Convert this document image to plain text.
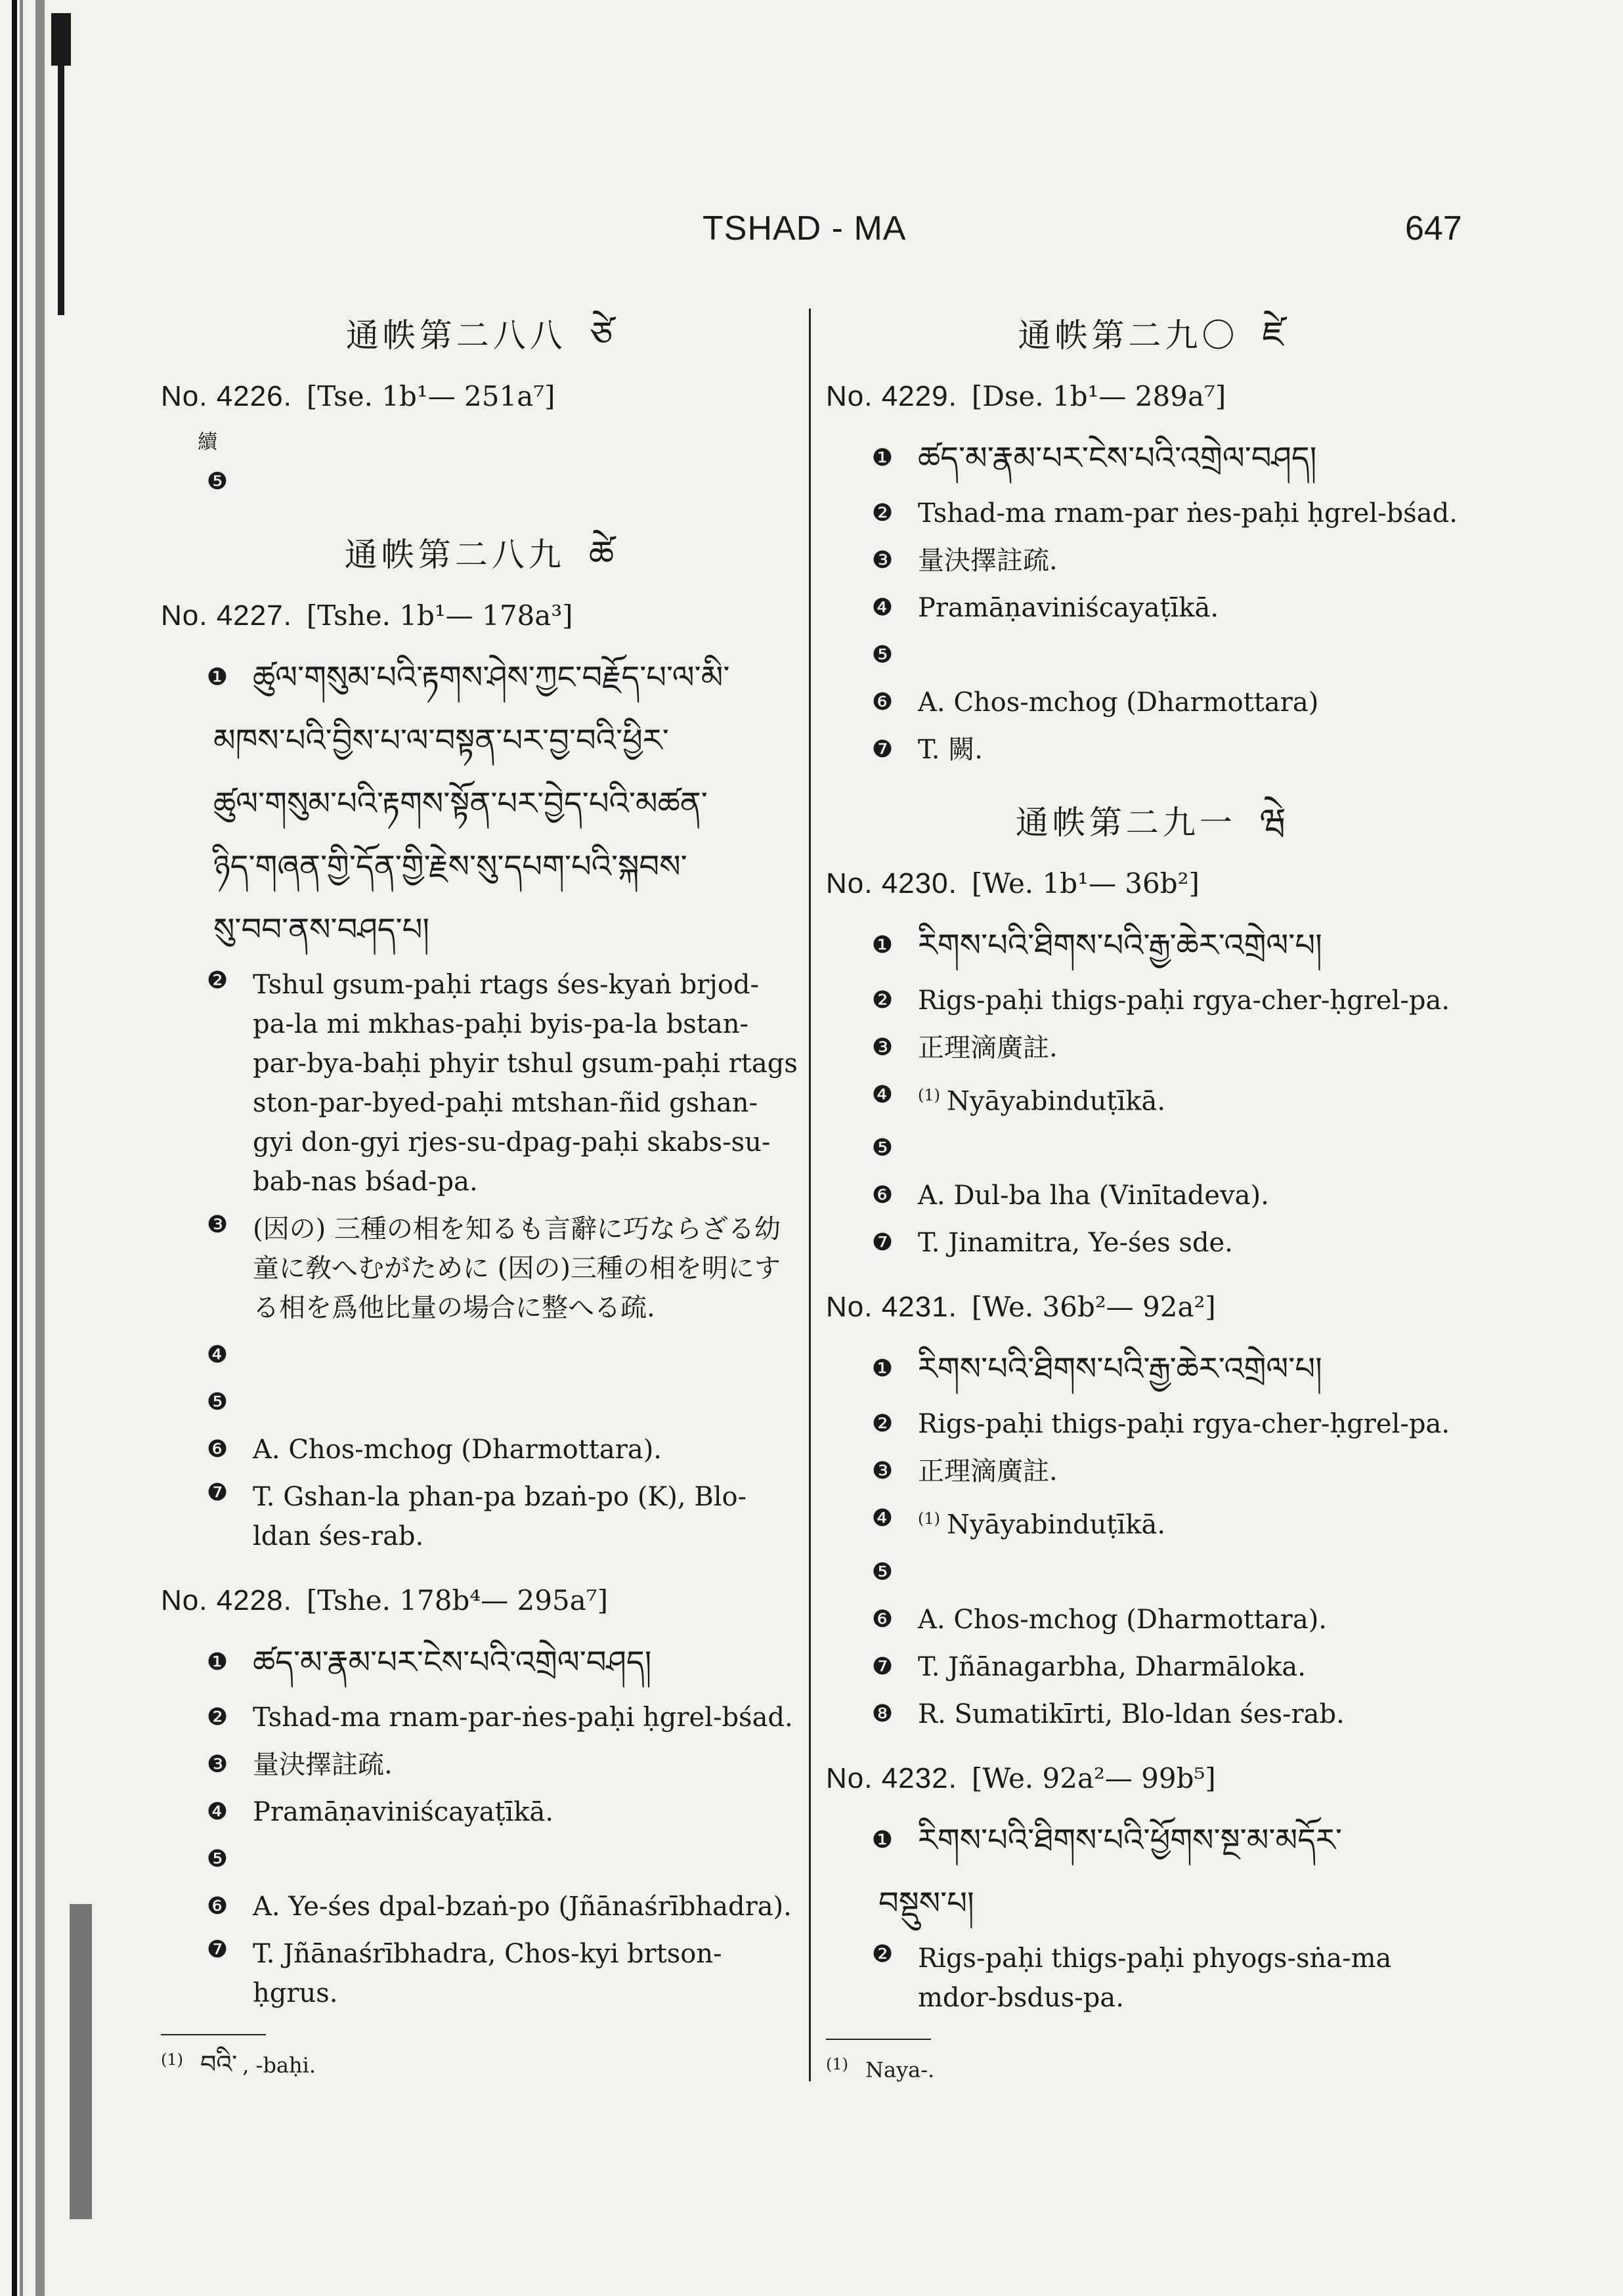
TSHAD - MA	647
通帙第二八八 ཙེ
No. 4226. [Tse. 1b¹— 251a⁷]
續
❺
通帙第二八九 ཚེ
No. 4227. [Tshe. 1b¹— 178a³]
❶ ཚུལ་གསུམ་པའི་རྟགས་ཤེས་ཀྱང་བརྗོད་པ་ལ་མི་
མཁས་པའི་བྱིས་པ་ལ་བསྟན་པར་བྱ་བའི་ཕྱིར་
ཚུལ་གསུམ་པའི་རྟགས་སྟོན་པར་བྱེད་པའི་མཚན་
ཉིད་གཞན་གྱི་དོན་གྱི་རྗེས་སུ་དཔག་པའི་སྐབས་
སུ་བབ་ནས་བཤད་པ།
❷ Tshul gsum-paḥi rtags śes-kyaṅ brjod-pa-la mi mkhas-paḥi byis-pa-la bstan-par-bya-baḥi phyir tshul gsum-paḥi rtags ston-par-byed-paḥi mtshan-ñid gshan-gyi don-gyi rjes-su-dpag-paḥi skabs-su-bab-nas bśad-pa.
❸ (因の) 三種の相を知るも言辭に巧ならざる幼童に敎へむがために (因の)三種の相を明にする相を爲他比量の場合に整へる疏.
❹
❺
❻ A. Chos-mchog (Dharmottara).
❼ T. Gshan-la phan-pa bzaṅ-po (K), Blo-ldan śes-rab.
No. 4228. [Tshe. 178b⁴— 295a⁷]
❶ ཚད་མ་རྣམ་པར་ངེས་པའི་འགྲེལ་བཤད།
❷ Tshad-ma rnam-par-ṅes-paḥi ḥgrel-bśad.
❸ 量決擇註疏.
❹ Pramāṇaviniścayaṭīkā.
❺
❻ A. Ye-śes dpal-bzaṅ-po (Jñānaśrībhadra).
❼ T. Jñānaśrībhadra, Chos-kyi brtson-ḥgrus.
$^{(1)}$ བའི་ , -baḥi.
通帙第二九〇 ཛེ
No. 4229. [Dse. 1b¹— 289a⁷]
❶ ཚད་མ་རྣམ་པར་ངེས་པའི་འགྲེལ་བཤད།
❷ Tshad-ma rnam-par ṅes-paḥi ḥgrel-bśad.
❸ 量決擇註疏.
❹ Pramāṇaviniścayaṭīkā.
❺
❻ A. Chos-mchog (Dharmottara)
❼ T. 闕.
通帙第二九一 ཝེ
No. 4230. [We. 1b¹— 36b²]
❶ རིགས་པའི་ཐིགས་པའི་རྒྱ་ཆེར་འགྲེལ་པ།
❷ Rigs-paḥi thigs-paḥi rgya-cher-ḥgrel-pa.
❸ 正理滴廣註.
❹	$^{(1)}$ Nyāyabinduṭīkā.
❺
❻ A. Dul-ba lha (Vinītadeva).
❼ T. Jinamitra, Ye-śes sde.
No. 4231. [We. 36b²— 92a²]
❶ རིགས་པའི་ཐིགས་པའི་རྒྱ་ཆེར་འགྲེལ་པ།
❷ Rigs-paḥi thigs-paḥi rgya-cher-ḥgrel-pa.
❸ 正理滴廣註.
❹	$^{(1)}$ Nyāyabinduṭīkā.
❺
❻ A. Chos-mchog (Dharmottara).
❼ T. Jñānagarbha, Dharmāloka.
❽ R. Sumatikīrti, Blo-ldan śes-rab.
No. 4232. [We. 92a²— 99b⁵]
❶ རིགས་པའི་ཐིགས་པའི་ཕྱོགས་སྔ་མ་མདོར་
བསྡུས་པ།
❷ Rigs-paḥi thigs-paḥi phyogs-sṅa-ma mdor-bsdus-pa.
$^{(1)}$ Naya-.
